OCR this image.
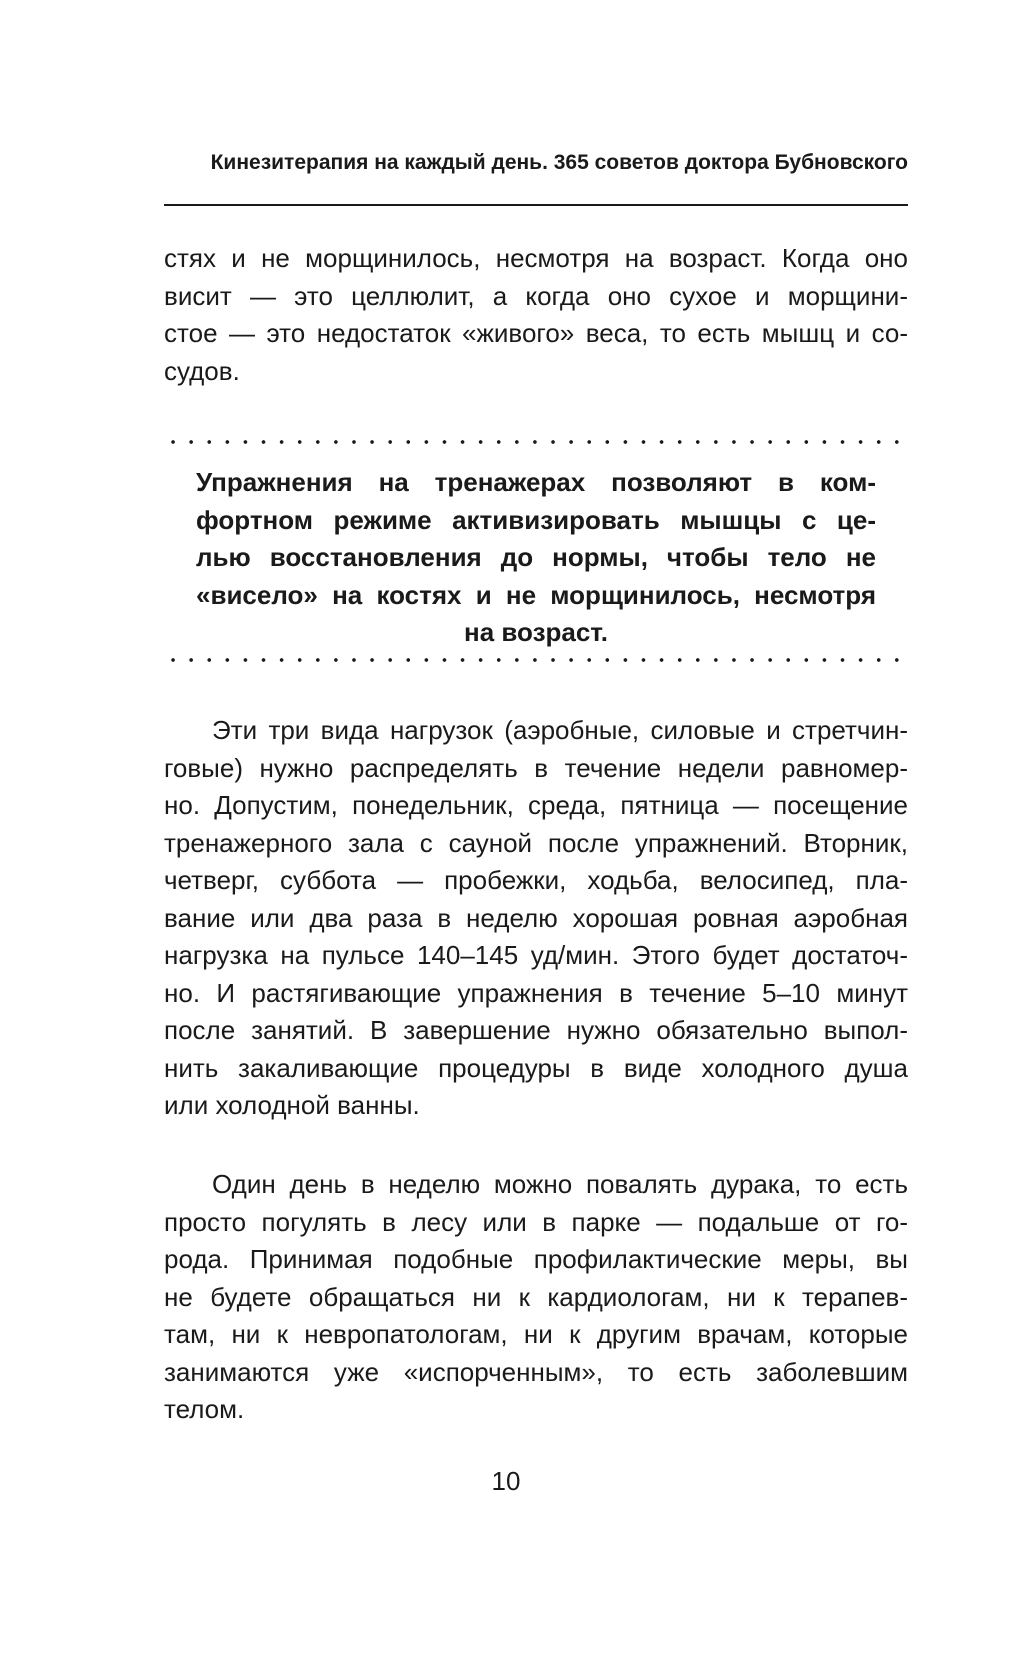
Кинезитерапия на каждый день. 365 советов доктора Бубновского

стях и не морщинилось, несмотря на возраст. Когда оно
висит — это целлюлит, а когда оно сухое и морщини-
стое — это недостаток «живого» веса, то есть мышц и со-
судов.

Упражнения на тренажерах позволяют в ком-
фортном режиме активизировать мышцы с це-
лью восстановления до нормы, чтобы тело не
«висело» на костях и не морщинилось, несмотря
на возраст.

Эти три вида нагрузок (аэробные, силовые и стретчин-
говые) нужно распределять в течение недели равномер-
но. Допустим, понедельник, среда, пятница — посещение
тренажерного зала с сауной после упражнений. Вторник,
четверг, суббота — пробежки, ходьба, велосипед, пла-
вание или два раза в неделю хорошая ровная аэробная
нагрузка на пульсе 140–145 уд/мин. Этого будет достаточ-
но. И растягивающие упражнения в течение 5–10 минут
после занятий. В завершение нужно обязательно выпол-
нить закаливающие процедуры в виде холодного душа
или холодной ванны.

Один день в неделю можно повалять дурака, то есть
просто погулять в лесу или в парке — подальше от го-
рода. Принимая подобные профилактические меры, вы
не будете обращаться ни к кардиологам, ни к терапев-
там, ни к невропатологам, ни к другим врачам, которые
занимаются уже «испорченным», то есть заболевшим
телом.

10
